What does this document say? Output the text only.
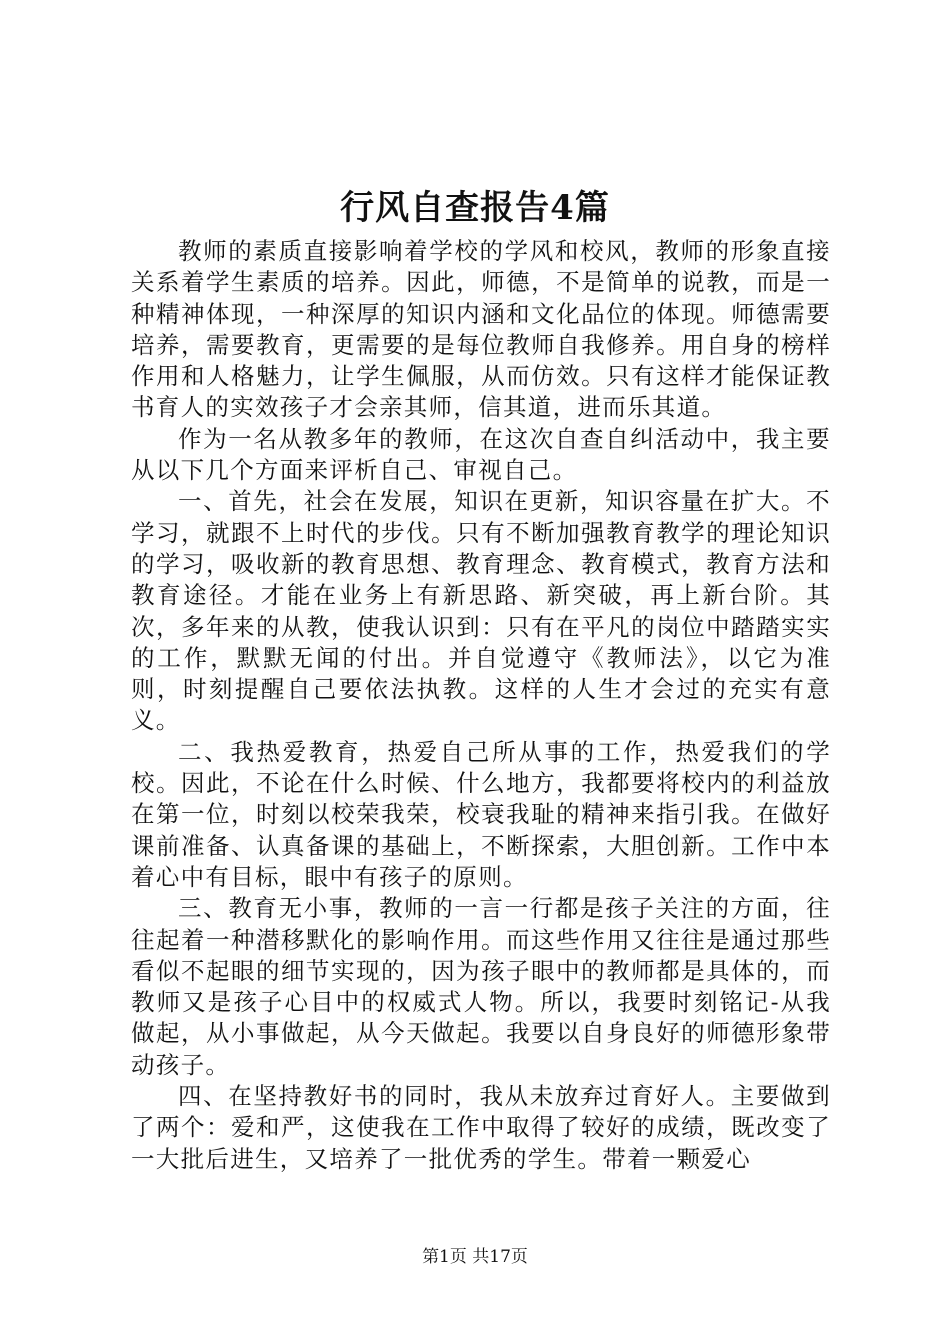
行风自查报告4篇

教师的素质直接影响着学校的学风和校风，教师的形象直接关系着学生素质的培养。因此，师德，不是简单的说教，而是一种精神体现，一种深厚的知识内涵和文化品位的体现。师德需要培养，需要教育，更需要的是每位教师自我修养。用自身的榜样作用和人格魅力，让学生佩服，从而仿效。只有这样才能保证教书育人的实效孩子才会亲其师，信其道，进而乐其道。

作为一名从教多年的教师，在这次自查自纠活动中，我主要从以下几个方面来评析自己、审视自己。

一、首先，社会在发展，知识在更新，知识容量在扩大。不学习，就跟不上时代的步伐。只有不断加强教育教学的理论知识的学习，吸收新的教育思想、教育理念、教育模式，教育方法和教育途径。才能在业务上有新思路、新突破，再上新台阶。其次，多年来的从教，使我认识到：只有在平凡的岗位中踏踏实实的工作，默默无闻的付出。并自觉遵守《教师法》，以它为准则，时刻提醒自己要依法执教。这样的人生才会过的充实有意义。

二、我热爱教育，热爱自己所从事的工作，热爱我们的学校。因此，不论在什么时候、什么地方，我都要将校内的利益放在第一位，时刻以校荣我荣，校衰我耻的精神来指引我。在做好课前准备、认真备课的基础上，不断探索，大胆创新。工作中本着心中有目标，眼中有孩子的原则。

三、教育无小事，教师的一言一行都是孩子关注的方面，往往起着一种潜移默化的影响作用。而这些作用又往往是通过那些看似不起眼的细节实现的，因为孩子眼中的教师都是具体的，而教师又是孩子心目中的权威式人物。所以，我要时刻铭记-从我做起，从小事做起，从今天做起。我要以自身良好的师德形象带动孩子。

四、在坚持教好书的同时，我从未放弃过育好人。主要做到了两个：爱和严，这使我在工作中取得了较好的成绩，既改变了一大批后进生，又培养了一批优秀的学生。带着一颗爱心

第1页 共17页
